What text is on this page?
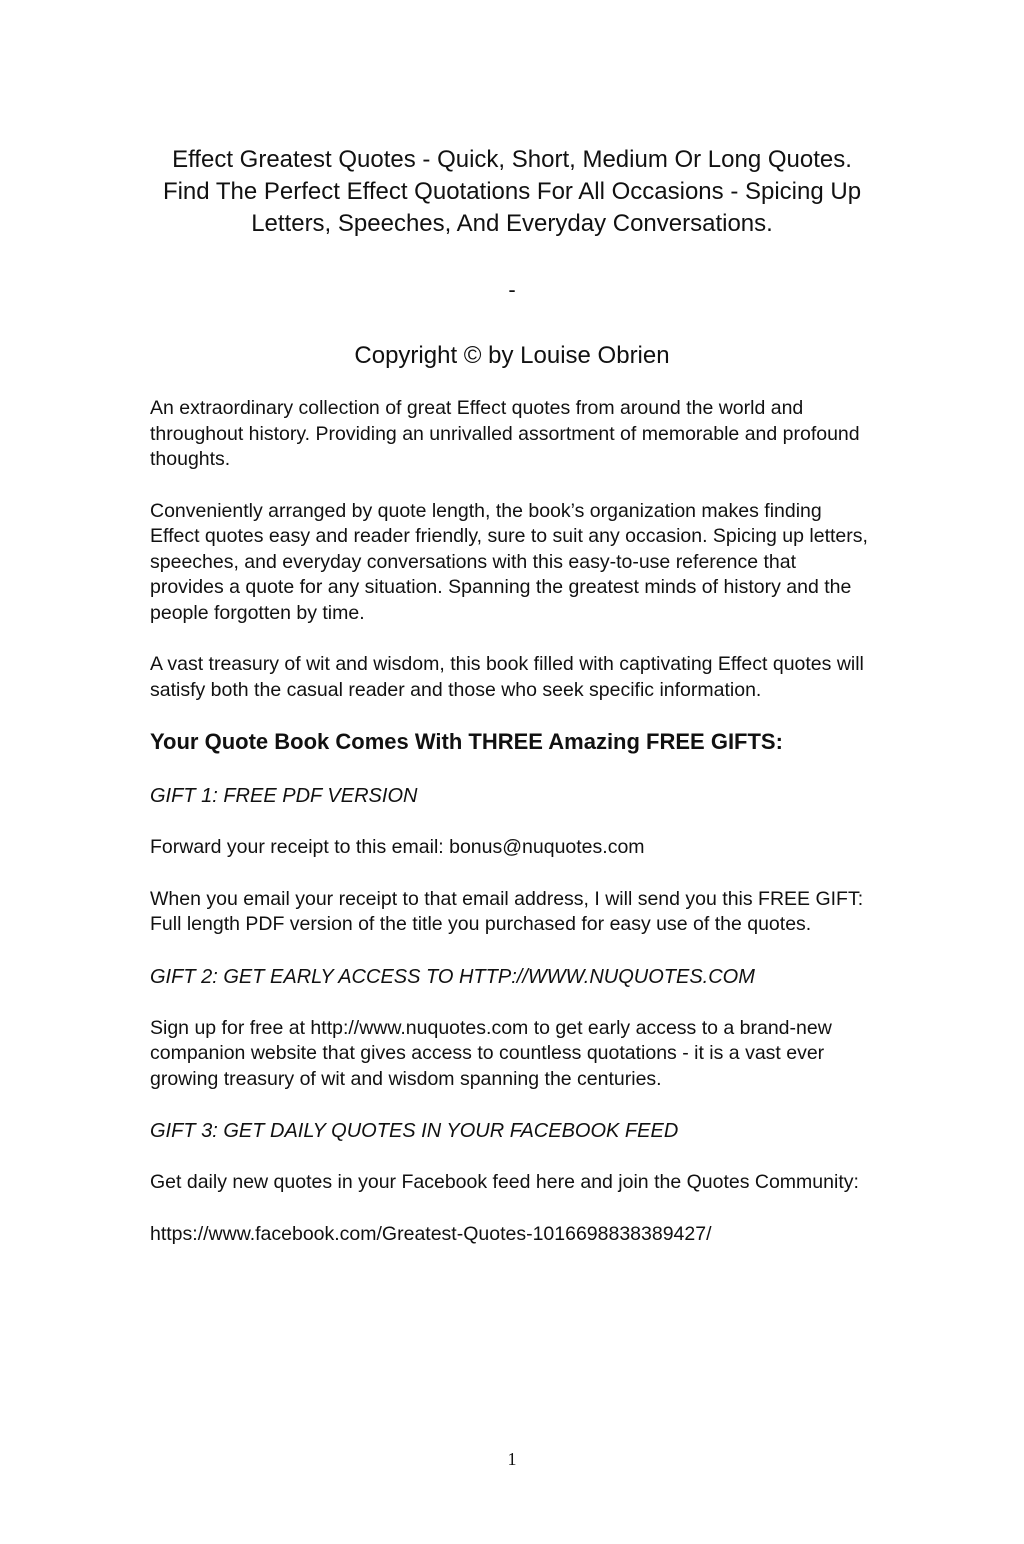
Effect Greatest Quotes - Quick, Short, Medium Or Long Quotes. Find The Perfect Effect Quotations For All Occasions - Spicing Up Letters, Speeches, And Everyday Conversations.
-
Copyright © by Louise Obrien

An extraordinary collection of great Effect quotes from around the world and throughout history. Providing an unrivalled assortment of memorable and profound thoughts.

Conveniently arranged by quote length, the book’s organization makes finding Effect quotes easy and reader friendly, sure to suit any occasion. Spicing up letters, speeches, and everyday conversations with this easy-to-use reference that provides a quote for any situation. Spanning the greatest minds of history and the people forgotten by time.

A vast treasury of wit and wisdom, this book filled with captivating Effect quotes will satisfy both the casual reader and those who seek specific information.

Your Quote Book Comes With THREE Amazing FREE GIFTS:

GIFT 1: FREE PDF VERSION

Forward your receipt to this email: bonus@nuquotes.com

When you email your receipt to that email address, I will send you this FREE GIFT: Full length PDF version of the title you purchased for easy use of the quotes.

GIFT 2: GET EARLY ACCESS TO HTTP://WWW.NUQUOTES.COM

Sign up for free at http://www.nuquotes.com to get early access to a brand-new companion website that gives access to countless quotations - it is a vast ever growing treasury of wit and wisdom spanning the centuries.

GIFT 3: GET DAILY QUOTES IN YOUR FACEBOOK FEED

Get daily new quotes in your Facebook feed here and join the Quotes Community:

https://www.facebook.com/Greatest-Quotes-1016698838389427/

1
